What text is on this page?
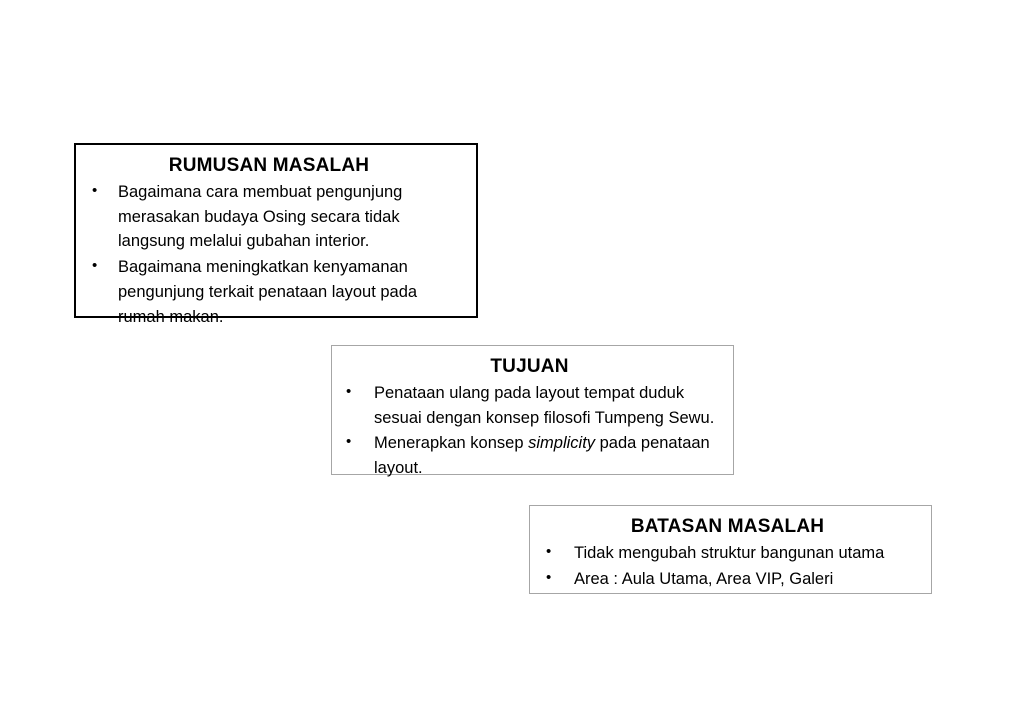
RUMUSAN MASALAH
• Bagaimana cara membuat pengunjung merasakan budaya Osing secara tidak langsung melalui gubahan interior.
• Bagaimana meningkatkan kenyamanan pengunjung terkait penataan layout pada rumah makan.
TUJUAN
• Penataan ulang pada layout tempat duduk sesuai dengan konsep filosofi Tumpeng Sewu.
• Menerapkan konsep simplicity pada penataan layout.
BATASAN MASALAH
• Tidak mengubah struktur bangunan utama
• Area : Aula Utama, Area VIP, Galeri
